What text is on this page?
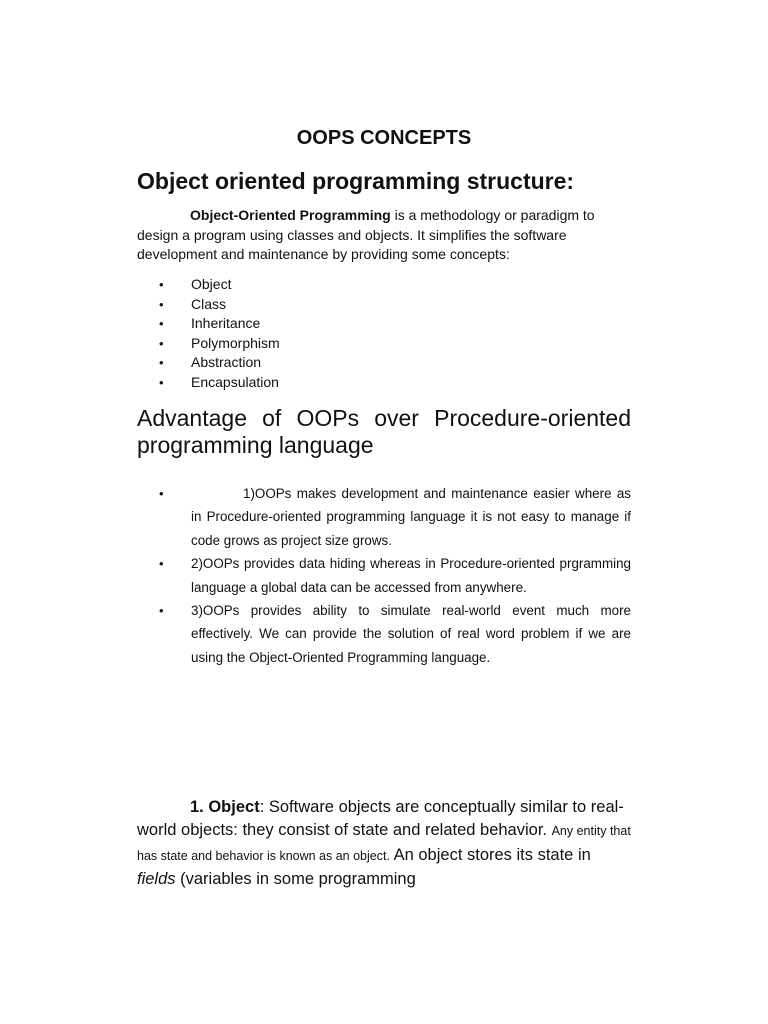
OOPS CONCEPTS
Object oriented programming structure:

Object-Oriented Programming is a methodology or paradigm to design a program using classes and objects. It simplifies the software development and maintenance by providing some concepts:

• Object
• Class
• Inheritance
• Polymorphism
• Abstraction
• Encapsulation

Advantage of OOPs over Procedure-oriented programming language

•	1)OOPs makes development and maintenance easier where as in Procedure-oriented programming language it is not easy to manage if code grows as project size grows.
• 2)OOPs provides data hiding whereas in Procedure-oriented prgramming language a global data can be accessed from anywhere.
• 3)OOPs provides ability to simulate real-world event much more effectively. We can provide the solution of real word problem if we are using the Object-Oriented Programming language.

1. Object: Software objects are conceptually similar to real-world objects: they consist of state and related behavior. Any entity that has state and behavior is known as an object. An object stores its state in fields (variables in some programming
